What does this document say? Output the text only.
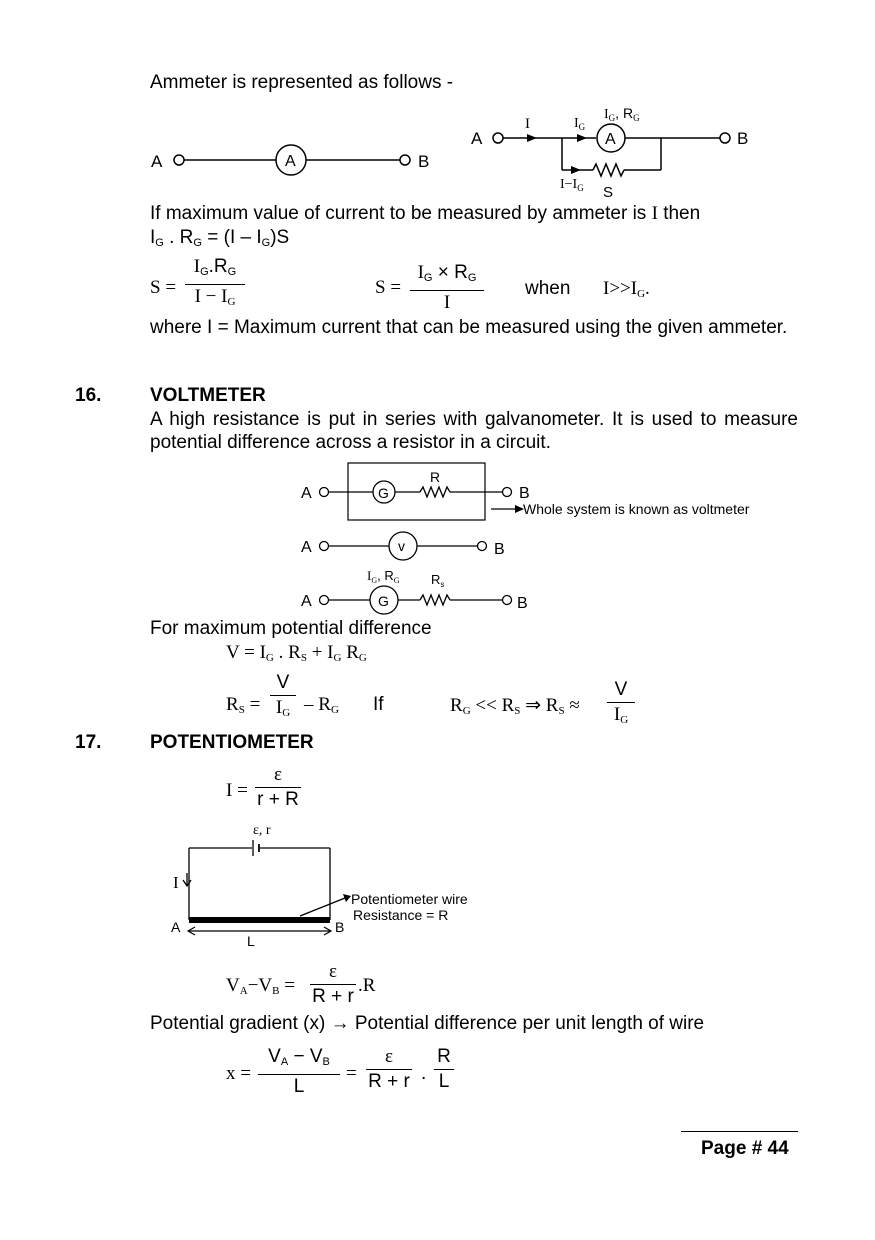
Ammeter is represented as follows -
A	A	B
A
I	$I_G$
$I_G$, $R_G$
A	B
$I-I_G$ S
If maximum value of current to be measured by ammeter is I then
$I_G$ . $R_G = (I - I_G)S$
S =
$I_G.R_G$
$I - I_G$
S =
$I_G \times R_G$
I
when $I>>I_G$.
where I = Maximum current that can be measured using the given ammeter.
16.	VOLTMETER
A high resistance is put in series with galvanometer. It is used to measure potential difference across a resistor in a circuit.
A	G
R
B
Whole system is known as voltmeter
A	v	B
$I_G$, $R_G$ $R_s$
A	G	B
For maximum potential difference
$V = I_G$ . $R_S + I_G$ $R_G$
$R_S$ =
V
$I_G - R_G$ If	$R_G << R_S$ ⇒ $R_S$ ≈
V
$I_G$
17.	POTENTIOMETER
I =
ε
r + R
ε, r
I
Potentiometer wire
Resistance = R
A	B
L
$V_A-V_B$ =
ε
R + r
.R
Potential gradient (x) → Potential difference per unit length of wire
x =
$V_A - V_B$
L
=
ε
R + r .
R
L
Page # 44
